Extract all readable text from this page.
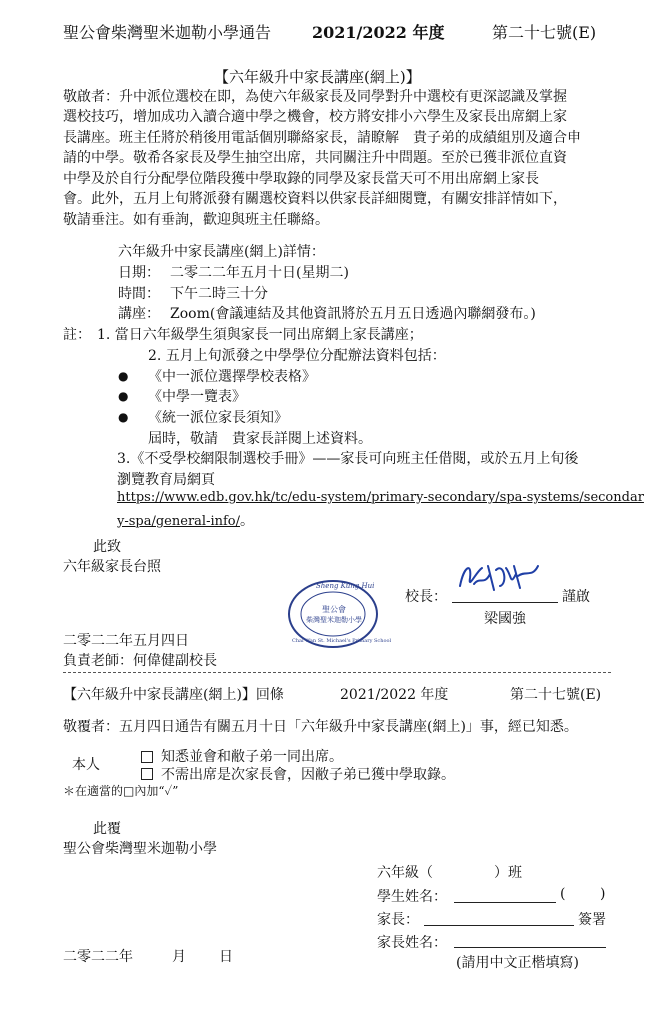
聖公會柴灣聖米迦勒小學通告	2021/2022 年度	第二十七號(E)
【六年級升中家長講座(網上)】
敬啟者：升中派位選校在即，為使六年級家長及同學對升中選校有更深認識及掌握
選校技巧，增加成功入讀合適中學之機會，校方將安排小六學生及家長出席網上家
長講座。班主任將於稍後用電話個別聯絡家長，請瞭解　貴子弟的成績組別及適合申
請的中學。敬希各家長及學生抽空出席，共同關注升中問題。至於已獲非派位直資
中學及於自行分配學位階段獲中學取錄的同學及家長當天可不用出席網上家長
會。此外，五月上旬將派發有關選校資料以供家長詳細閱覽，有關安排詳情如下，
敬請垂注。如有垂詢，歡迎與班主任聯絡。
六年級升中家長講座(網上)詳情：
日期： 二零二二年五月十日(星期二)
時間： 下午二時三十分
講座： Zoom(會議連結及其他資訊將於五月五日透過內聯網發布。)
註： 1. 當日六年級學生須與家長一同出席網上家長講座；
2. 五月上旬派發之中學學位分配辦法資料包括：
● 《中一派位選擇學校表格》
● 《中學一覽表》
● 《統一派位家長須知》
屆時，敬請　貴家長詳閱上述資料。
3.《不受學校網限制選校手冊》——家長可向班主任借閱，或於五月上旬後
瀏覽教育局網頁
https://www.edb.gov.hk/tc/edu-system/primary-secondary/spa-systems/secondar
y-spa/general-info/。
此致
六年級家長台照
Sheng Kung Hui
Chai Wan St. Michael's Primary School
聖公會
柴灣聖米迦勒小學
校長：	謹啟
梁國強
二零二二年五月四日
負責老師：何偉健副校長
【六年級升中家長講座(網上)】回條	2021/2022 年度	第二十七號(E)
敬覆者：五月四日通告有關五月十日「六年級升中家長講座(網上)」事，經已知悉。
本人	知悉並會和敝子弟一同出席。
不需出席是次家長會，因敝子弟已獲中學取錄。
＊在適當的□內加“✓”
此覆
聖公會柴灣聖米迦勒小學
六年級（	）班
學生姓名：	( )
家長：	簽署
家長姓名：
(請用中文正楷填寫)
二零二二年	月 日
